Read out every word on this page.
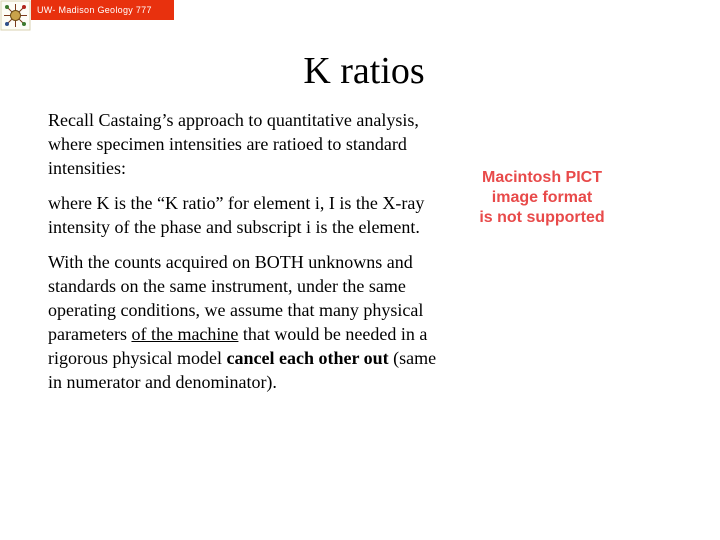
UW- Madison Geology 777
K ratios

Recall Castaing’s approach to quantitative analysis, where specimen intensities are ratioed to standard intensities:

where K is the “K ratio” for element i, I is the X-ray intensity of the phase and subscript i is the element.

With the counts acquired on BOTH unknowns and standards on the same instrument, under the same operating conditions, we assume that many physical parameters of the machine that would be needed in a rigorous physical model cancel each other out (same in numerator and denominator).

Macintosh PICT
image format
is not supported
